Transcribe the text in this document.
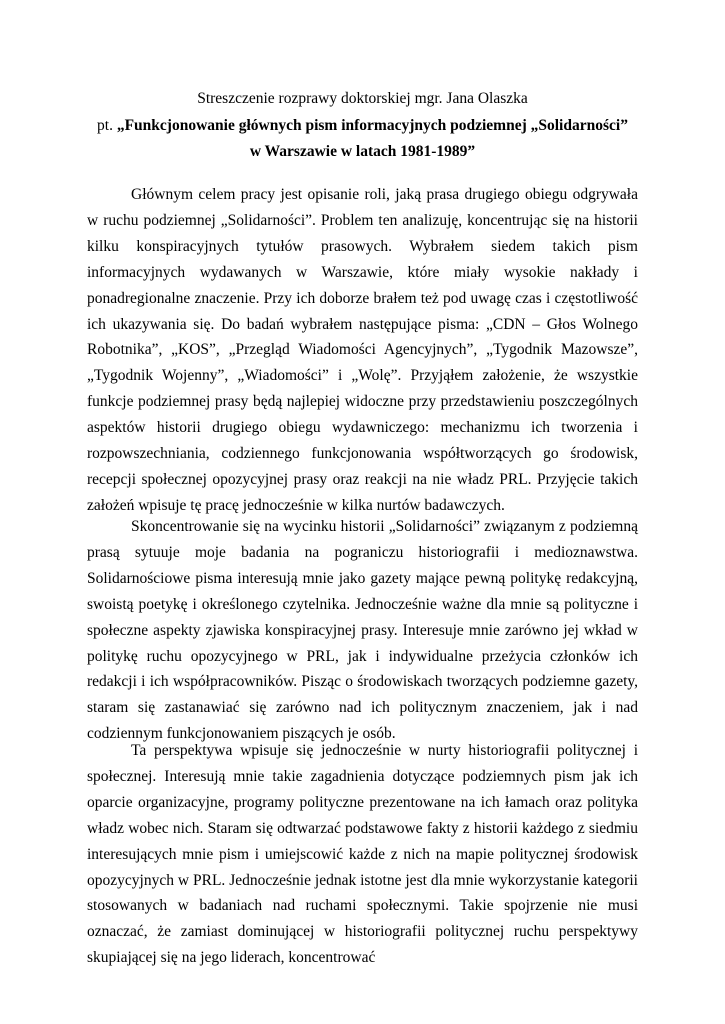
Streszczenie rozprawy doktorskiej mgr. Jana Olaszka
pt. „Funkcjonowanie głównych pism informacyjnych podziemnej „Solidarności”
w Warszawie w latach 1981-1989”

Głównym celem pracy jest opisanie roli, jaką prasa drugiego obiegu odgrywała w ruchu podziemnej „Solidarności”. Problem ten analizuję, koncentrując się na historii kilku konspiracyjnych tytułów prasowych. Wybrałem siedem takich pism informacyjnych wydawanych w Warszawie, które miały wysokie nakłady i ponadregionalne znaczenie. Przy ich doborze brałem też pod uwagę czas i częstotliwość ich ukazywania się. Do badań wybrałem następujące pisma: „CDN – Głos Wolnego Robotnika”, „KOS”, „Przegląd Wiadomości Agencyjnych”, „Tygodnik Mazowsze”, „Tygodnik Wojenny”, „Wiadomości” i „Wolę”. Przyjąłem założenie, że wszystkie funkcje podziemnej prasy będą najlepiej widoczne przy przedstawieniu poszczególnych aspektów historii drugiego obiegu wydawniczego: mechanizmu ich tworzenia i rozpowszechniania, codziennego funkcjonowania współtworzących go środowisk, recepcji społecznej opozycyjnej prasy oraz reakcji na nie władz PRL. Przyjęcie takich założeń wpisuje tę pracę jednocześnie w kilka nurtów badawczych.

Skoncentrowanie się na wycinku historii „Solidarności” związanym z podziemną prasą sytuuje moje badania na pograniczu historiografii i medioznawstwa. Solidarnościowe pisma interesują mnie jako gazety mające pewną politykę redakcyjną, swoistą poetykę i określonego czytelnika. Jednocześnie ważne dla mnie są polityczne i społeczne aspekty zjawiska konspiracyjnej prasy. Interesuje mnie zarówno jej wkład w politykę ruchu opozycyjnego w PRL, jak i indywidualne przeżycia członków ich redakcji i ich współpracowników. Pisząc o środowiskach tworzących podziemne gazety, staram się zastanawiać się zarówno nad ich politycznym znaczeniem, jak i nad codziennym funkcjonowaniem piszących je osób.

Ta perspektywa wpisuje się jednocześnie w nurty historiografii politycznej i społecznej. Interesują mnie takie zagadnienia dotyczące podziemnych pism jak ich oparcie organizacyjne, programy polityczne prezentowane na ich łamach oraz polityka władz wobec nich. Staram się odtwarzać podstawowe fakty z historii każdego z siedmiu interesujących mnie pism i umiejscowić każde z nich na mapie politycznej środowisk opozycyjnych w PRL. Jednocześnie jednak istotne jest dla mnie wykorzystanie kategorii stosowanych w badaniach nad ruchami społecznymi. Takie spojrzenie nie musi oznaczać, że zamiast dominującej w historiografii politycznej ruchu perspektywy skupiającej się na jego liderach, koncentrować
